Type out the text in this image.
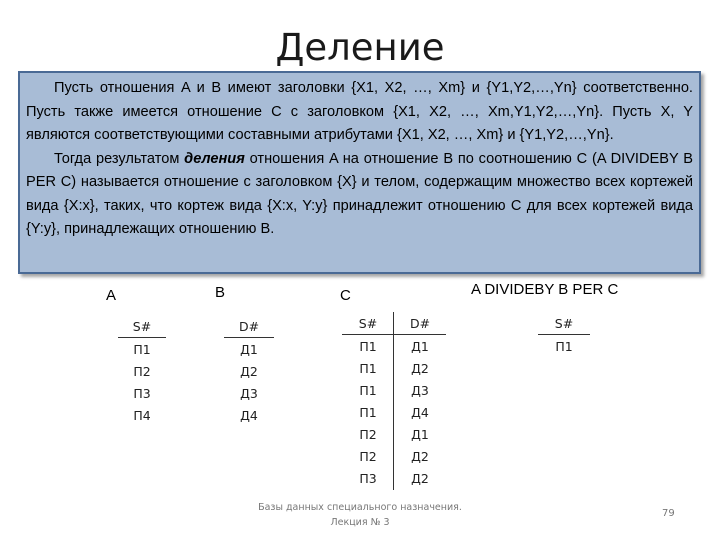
Деление

Пусть отношения A и B имеют заголовки {X1, X2, …, Xm} и {Y1,Y2,…,Yn} соответственно. Пусть также имеется отношение C с заголовком {X1, X2, …, Xm,Y1,Y2,…,Yn}. Пусть X, Y являются соответствующими составными атрибутами {X1, X2, …, Xm} и {Y1,Y2,…,Yn}.

Тогда результатом деления отношения A на отношение B по соотношению C (A DIVIDEBY B PER C) называется отношение с заголовком {X} и телом, содержащим множество всех кортежей вида {X:x}, таких, что кортеж вида {X:x, Y:y} принадлежит отношению C для всех кортежей вида {Y:y}, принадлежащих отношению B.

A
S#
П1
П2
П3
П4
B
D#
Д1
Д2
Д3
Д4
C
S#	D#
П1	Д1
П1	Д2
П1	Д3
П1	Д4
П2	Д1
П2	Д2
П3	Д2
A DIVIDEBY B PER C
S#
П1
Базы данных специального назначения.
Лекция № 3
79
